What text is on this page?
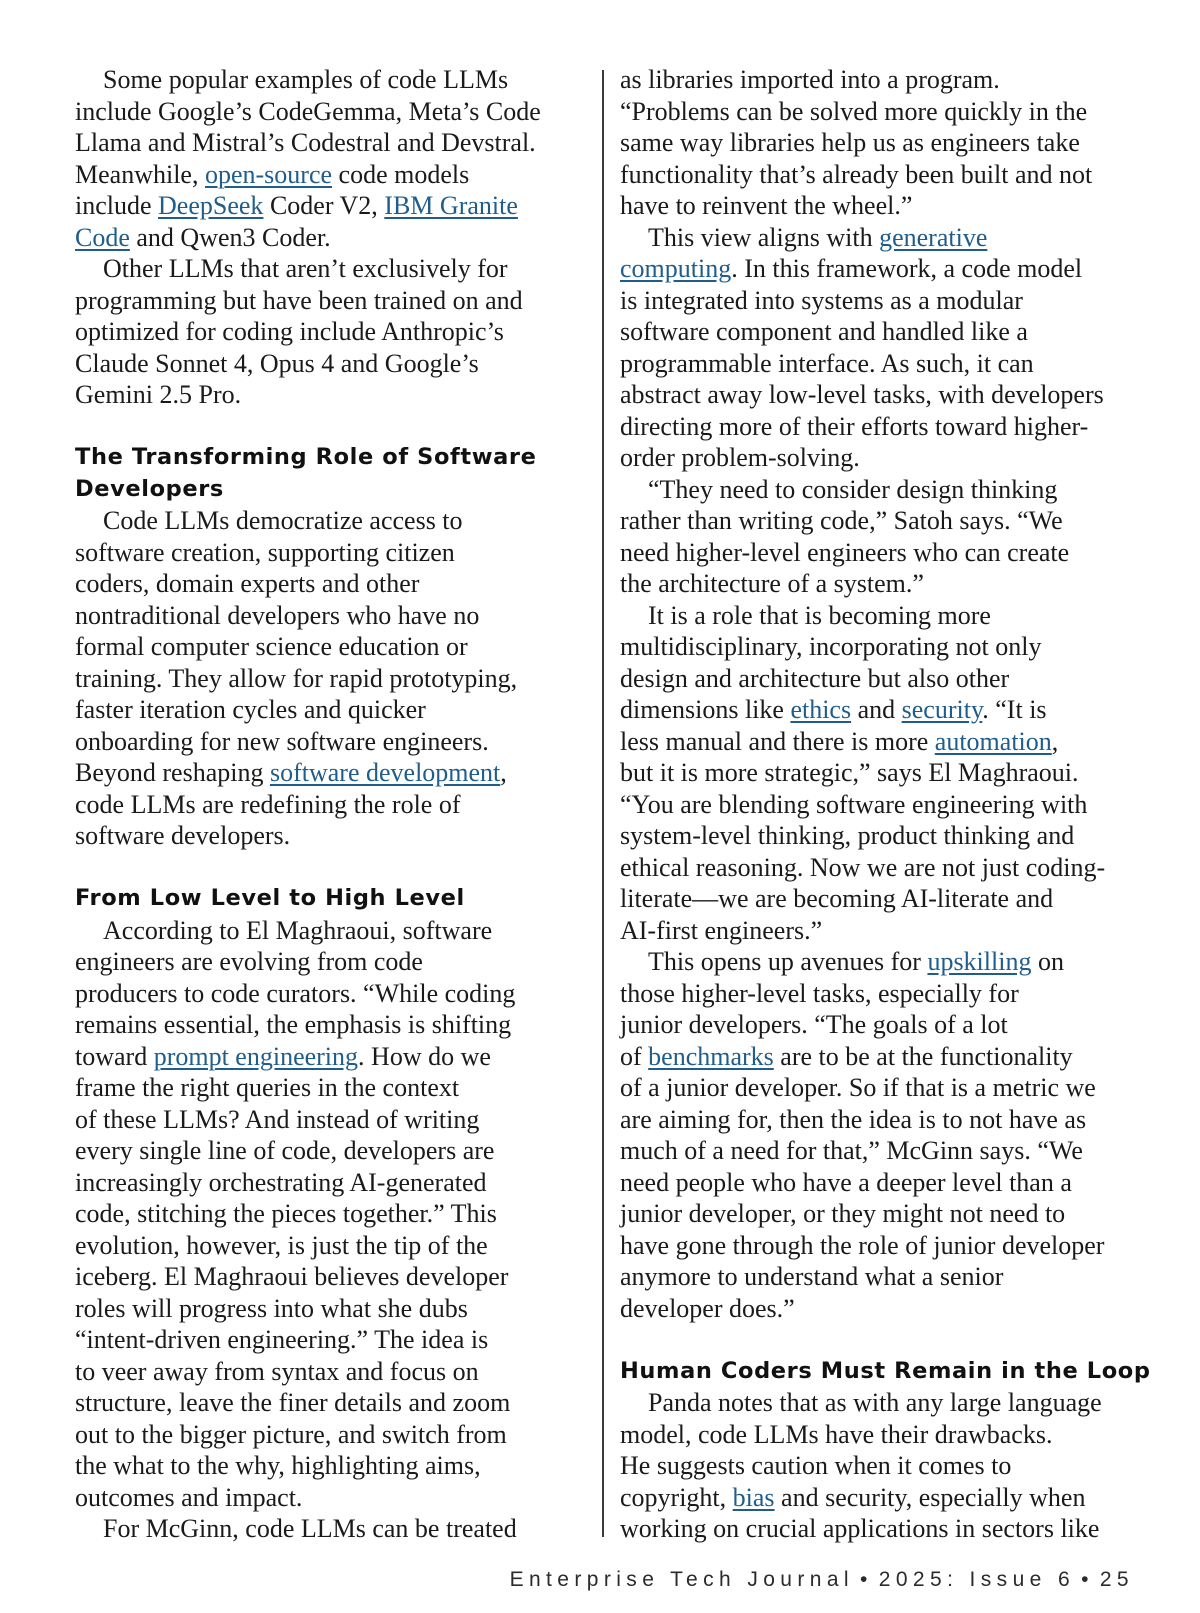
Some popular examples of code LLMs
include Google’s CodeGemma, Meta’s Code
Llama and Mistral’s Codestral and Devstral.
Meanwhile, open-source code models
include DeepSeek Coder V2, IBM Granite
Code and Qwen3 Coder.
Other LLMs that aren’t exclusively for
programming but have been trained on and
optimized for coding include Anthropic’s
Claude Sonnet 4, Opus 4 and Google’s
Gemini 2.5 Pro.
The Transforming Role of Software
Developers
Code LLMs democratize access to
software creation, supporting citizen
coders, domain experts and other
nontraditional developers who have no
formal computer science education or
training. They allow for rapid prototyping,
faster iteration cycles and quicker
onboarding for new software engineers.
Beyond reshaping software development,
code LLMs are redefining the role of
software developers.
From Low Level to High Level
According to El Maghraoui, software
engineers are evolving from code
producers to code curators. “While coding
remains essential, the emphasis is shifting
toward prompt engineering. How do we
frame the right queries in the context
of these LLMs? And instead of writing
every single line of code, developers are
increasingly orchestrating AI-generated
code, stitching the pieces together.” This
evolution, however, is just the tip of the
iceberg. El Maghraoui believes developer
roles will progress into what she dubs
“intent-driven engineering.” The idea is
to veer away from syntax and focus on
structure, leave the finer details and zoom
out to the bigger picture, and switch from
the what to the why, highlighting aims,
outcomes and impact.
For McGinn, code LLMs can be treated
as libraries imported into a program.
“Problems can be solved more quickly in the
same way libraries help us as engineers take
functionality that’s already been built and not
have to reinvent the wheel.”
This view aligns with generative
computing. In this framework, a code model
is integrated into systems as a modular
software component and handled like a
programmable interface. As such, it can
abstract away low-level tasks, with developers
directing more of their efforts toward higher-
order problem-solving.
“They need to consider design thinking
rather than writing code,” Satoh says. “We
need higher-level engineers who can create
the architecture of a system.”
It is a role that is becoming more
multidisciplinary, incorporating not only
design and architecture but also other
dimensions like ethics and security. “It is
less manual and there is more automation,
but it is more strategic,” says El Maghraoui.
“You are blending software engineering with
system-level thinking, product thinking and
ethical reasoning. Now we are not just coding-
literate—we are becoming AI-literate and
AI-first engineers.”
This opens up avenues for upskilling on
those higher-level tasks, especially for
junior developers. “The goals of a lot
of benchmarks are to be at the functionality
of a junior developer. So if that is a metric we
are aiming for, then the idea is to not have as
much of a need for that,” McGinn says. “We
need people who have a deeper level than a
junior developer, or they might not need to
have gone through the role of junior developer
anymore to understand what a senior
developer does.”
Human Coders Must Remain in the Loop
Panda notes that as with any large language
model, code LLMs have their drawbacks.
He suggests caution when it comes to
copyright, bias and security, especially when
working on crucial applications in sectors like
Enterprise Tech Journal • 2025: Issue 6 • 25
